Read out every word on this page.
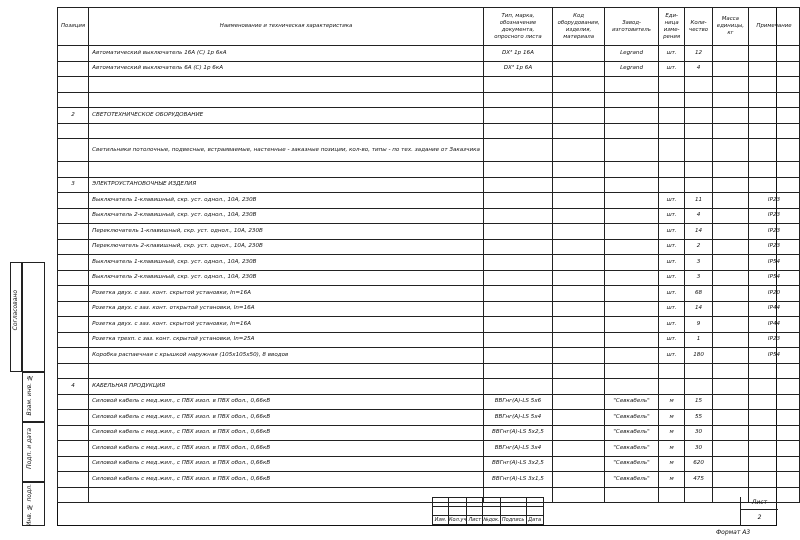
Позиция	Наименование и техническая характеристика	Тип, марка, обозначение документа, опросного листа	Код оборудования, изделия, материала	Завод-изготовитель	Еди- ница изме- рения	Коли- чество	Масса единицы, кг	Примечание
	Автоматический выключатель 16А (С) 1р 6кА	DX³ 1р 16А		Legrand	шт.	12		
	Автоматический выключатель 6А (С) 1р 6кА	DX³ 1р 6А		Legrand	шт.	4		

2	СВЕТОТЕХНИЧЕСКОЕ ОБОРУДОВАНИЕ							

	Светильники потолочные, подвесные, встраиваемые, настенные - заказные позиции, кол-во, типы - по тех. задание от Заказчика							

3	ЭЛЕКТРОУСТАНОВОЧНЫЕ ИЗДЕЛИЯ							
	Выключатель 1-клавишный, скр. уст. однол., 10А, 230В				шт.	11		IP23
	Выключатель 2-клавишный, скр. уст. однол., 10А, 230В				шт.	4		IP23
	Переключатель 1-клавишный, скр. уст. однол., 10А, 230В				шт.	14		IP23
	Переключатель 2-клавишный, скр. уст. однол., 10А, 230В				шт.	2		IP23
	Выключатель 1-клавишный, скр. уст. однол., 10А, 230В				шт.	3		IP54
	Выключатель 2-клавишный, скр. уст. однол., 10А, 230В				шт.	3		IP54
	Розетка двух. с заз. конт. скрытой установки, In=16А				шт.	68		IP20
	Розетка двух. с заз. конт. открытой установки, In=16А				шт.	14		IP44
	Розетка двух. с заз. конт. скрытой установки, In=16А				шт.	9		IP44
	Розетка трехп. с заз. конт. скрытой установки, In=25А				шт.	1		IP23
	Коробка распаечная с крышкой наружная (105х105х50), 8 вводов				шт.	180		IP54

4	КАБЕЛЬНАЯ ПРОДУКЦИЯ							
	Силовой кабель с мед.жил., с ПВХ изол. в ПВХ обол., 0,66кВ	ВВГнг(А)-LS 5х6		"Севкабель"	м	15		
	Силовой кабель с мед.жил., с ПВХ изол. в ПВХ обол., 0,66кВ	ВВГнг(А)-LS 5х4		"Севкабель"	м	55		
	Силовой кабель с мед.жил., с ПВХ изол. в ПВХ обол., 0,66кВ	ВВГнг(А)-LS 5х2,5		"Севкабель"	м	30		
	Силовой кабель с мед.жил., с ПВХ изол. в ПВХ обол., 0,66кВ	ВВГнг(А)-LS 3х4		"Севкабель"	м	30		
	Силовой кабель с мед.жил., с ПВХ изол. в ПВХ обол., 0,66кВ	ВВГнг(А)-LS 3х2,5		"Севкабель"	м	620		
	Силовой кабель с мед.жил., с ПВХ изол. в ПВХ обол., 0,66кВ	ВВГнг(А)-LS 3х1,5		"Севкабель"	м	475		

Согласовано
Взам. инв. №
Подп. и дата
Инв. № подл.

						Изм.	Кол.уч	Лист	№док.	Подпись	Дата
Лист
2
Формат А3
